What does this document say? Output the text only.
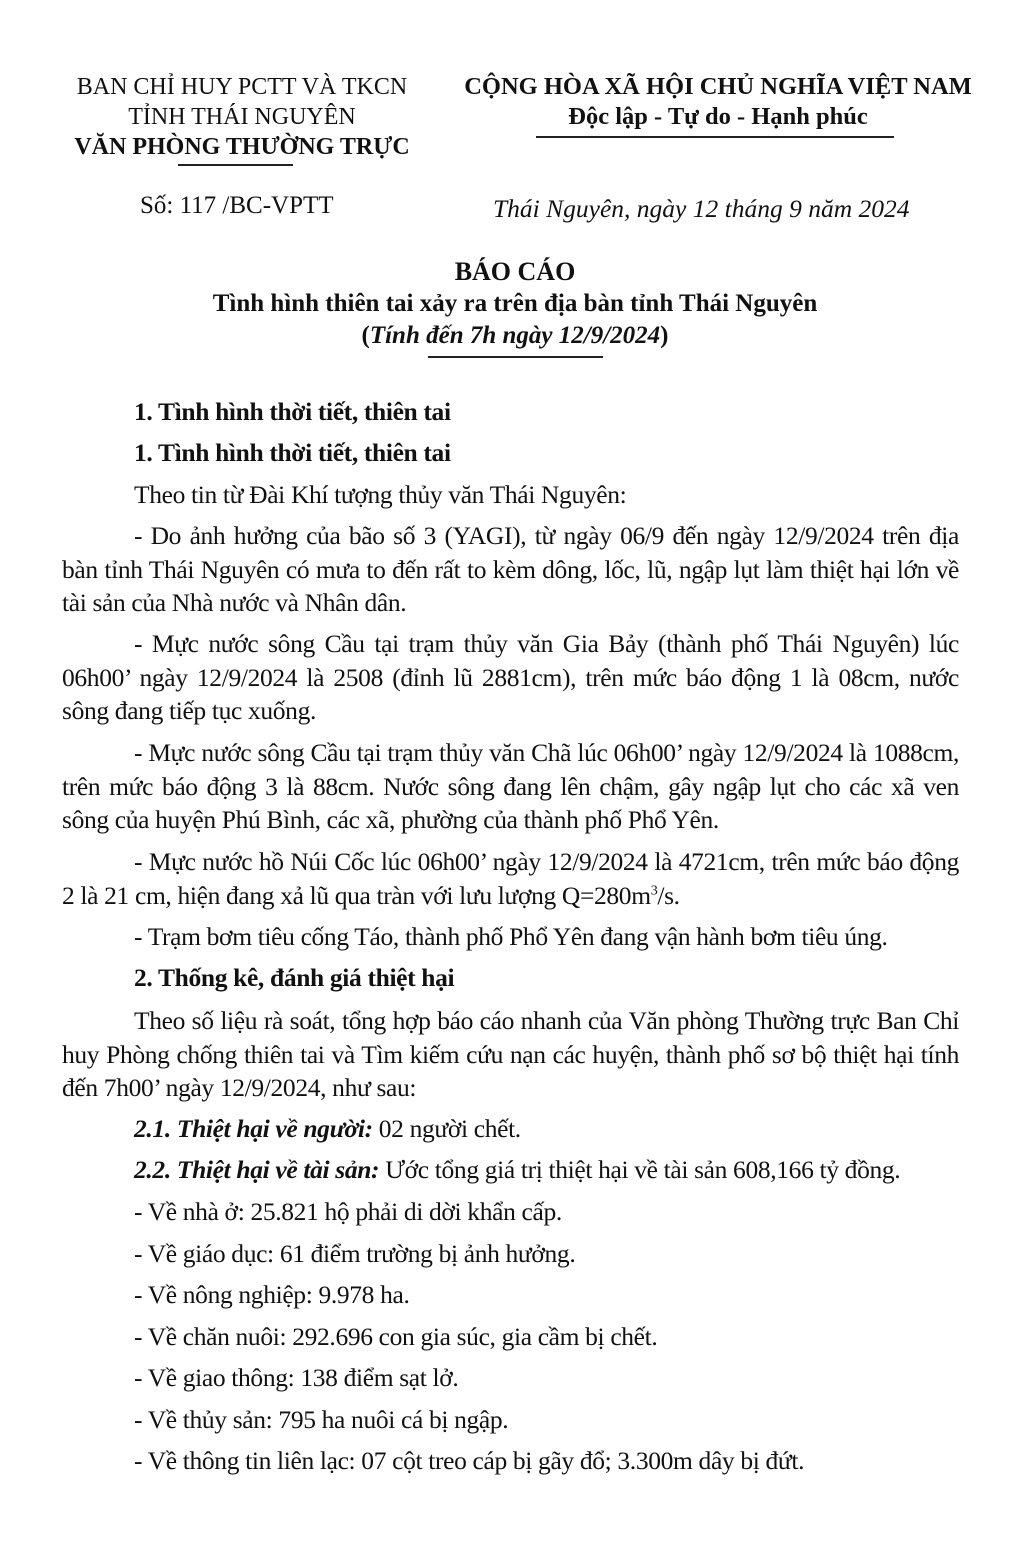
BAN CHỈ HUY PCTT VÀ TKCN
TỈNH THÁI NGUYÊN
VĂN PHÒNG THƯỜNG TRỰC
CỘNG HÒA XÃ HỘI CHỦ NGHĨA VIỆT NAM
Độc lập - Tự do - Hạnh phúc
Số: 117 /BC-VPTT	Thái Nguyên, ngày 12 tháng 9 năm 2024
BÁO CÁO
Tình hình thiên tai xảy ra trên địa bàn tỉnh Thái Nguyên
(Tính đến 7h ngày 12/9/2024)
1. Tình hình thời tiết, thiên tai
1. Tình hình thời tiết, thiên tai
Theo tin từ Đài Khí tượng thủy văn Thái Nguyên:
- Do ảnh hưởng của bão số 3 (YAGI), từ ngày 06/9 đến ngày 12/9/2024 trên địa bàn tỉnh Thái Nguyên có mưa to đến rất to kèm dông, lốc, lũ, ngập lụt làm thiệt hại lớn về tài sản của Nhà nước và Nhân dân.
- Mực nước sông Cầu tại trạm thủy văn Gia Bảy (thành phố Thái Nguyên) lúc 06h00’ ngày 12/9/2024 là 2508 (đỉnh lũ 2881cm), trên mức báo động 1 là 08cm, nước sông đang tiếp tục xuống.
- Mực nước sông Cầu tại trạm thủy văn Chã lúc 06h00’ ngày 12/9/2024 là 1088cm, trên mức báo động 3 là 88cm. Nước sông đang lên chậm, gây ngập lụt cho các xã ven sông của huyện Phú Bình, các xã, phường của thành phố Phổ Yên.
- Mực nước hồ Núi Cốc lúc 06h00’ ngày 12/9/2024 là 4721cm, trên mức báo động 2 là 21 cm, hiện đang xả lũ qua tràn với lưu lượng $Q=280m^3/s$.
- Trạm bơm tiêu cống Táo, thành phố Phổ Yên đang vận hành bơm tiêu úng.
2. Thống kê, đánh giá thiệt hại
Theo số liệu rà soát, tổng hợp báo cáo nhanh của Văn phòng Thường trực Ban Chỉ huy Phòng chống thiên tai và Tìm kiếm cứu nạn các huyện, thành phố sơ bộ thiệt hại tính đến 7h00’ ngày 12/9/2024, như sau:
2.1. Thiệt hại về người: 02 người chết.
2.2. Thiệt hại về tài sản: Ước tổng giá trị thiệt hại về tài sản 608,166 tỷ đồng.
- Về nhà ở: 25.821 hộ phải di dời khẩn cấp.
- Về giáo dục: 61 điểm trường bị ảnh hưởng.
- Về nông nghiệp: 9.978 ha.
- Về chăn nuôi: 292.696 con gia súc, gia cầm bị chết.
- Về giao thông: 138 điểm sạt lở.
- Về thủy sản: 795 ha nuôi cá bị ngập.
- Về thông tin liên lạc: 07 cột treo cáp bị gãy đổ; 3.300m dây bị đứt.
